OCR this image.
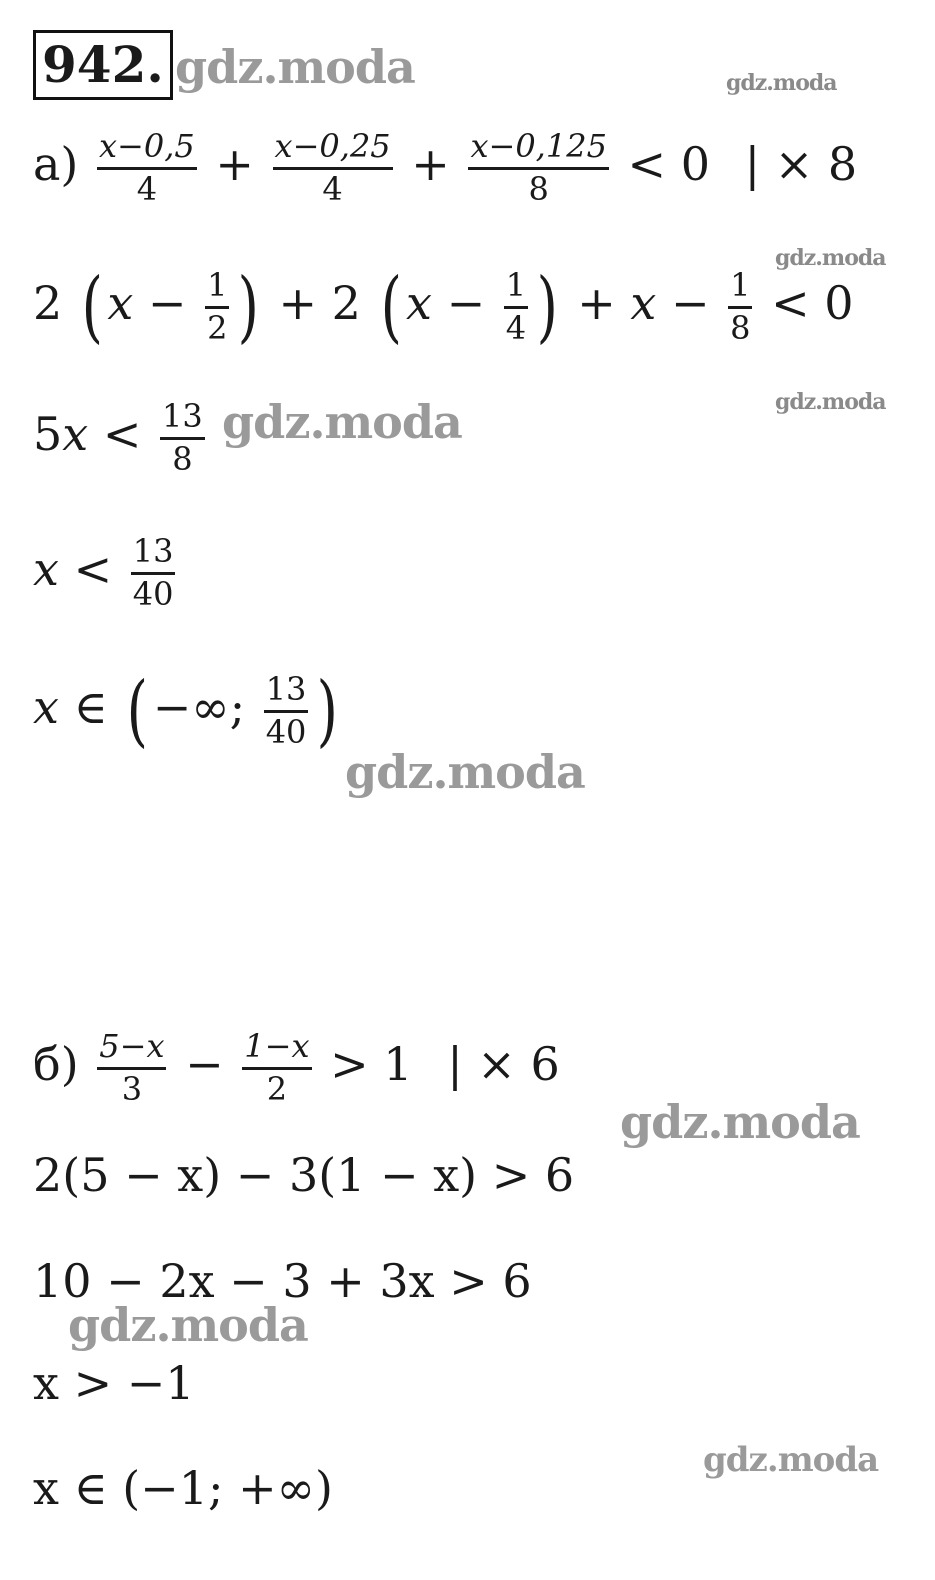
942. gdz.moda	gdz.moda
gdz.moda
gdz.moda
gdz.moda
gdz.moda
gdz.moda
gdz.moda
gdz.moda
$а) \frac{x-0,5}{4} + \frac{x-0,25}{4} + \frac{x-0,125}{8} < 0$ | × 8
2 ($x - \frac{1}{2}$ ) + 2 ($x - \frac{1}{4}$ ) + $x - \frac{1}{8} < 0$
$5x < \frac{13}{8}$
$x < \frac{13}{40}$
x ∈ (−∞; $\frac{13}{40}$ )
$б) \frac{5-x}{3} - \frac{1-x}{2} > 1$ | × 6
2(5 − x) − 3(1 − x) > 6
10 − 2x − 3 + 3x > 6
x > −1
x ∈ (−1; +∞)
